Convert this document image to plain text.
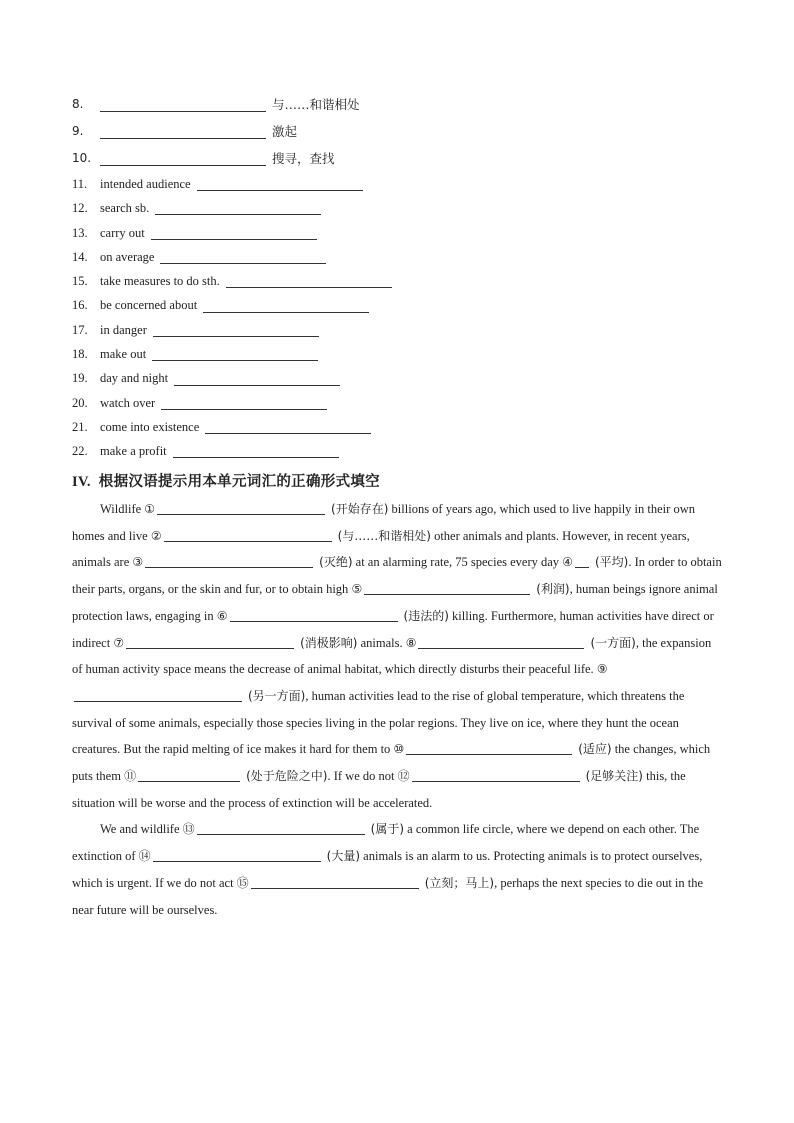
8.	与……和谐相处
9.	激起
10.	搜寻，查找
11.	intended audience
12. search sb.
13. carry out
14. on average
15. take measures to do sth.
16. be concerned about
17. in danger
18. make out
19. day and night
20. watch over
21. come into existence
22. make a profit
IV. 根据汉语提示用本单元词汇的正确形式填空

Wildlife ①	(开始存在) billions of years ago, which used to live happily in their own homes and live ②	(与……和谐相处) other animals and plants. However, in recent years, animals are ③	(灭绝) at an alarming rate, 75 species every day ④ (平均). In order to obtain their parts, organs, or the skin and fur, or to obtain high ⑤	(利润), human beings ignore animal protection laws, engaging in ⑥	(违法的) killing. Furthermore, human activities have direct or indirect ⑦	(消极影响) animals. ⑧	(一方面), the expansion of human activity space means the decrease of animal habitat, which directly disturbs their peaceful life. ⑨(另一方面), human activities lead to the rise of global temperature, which threatens the survival of some animals, especially those species living in the polar regions. They live on ice, where they hunt the ocean creatures. But the rapid melting of ice makes it hard for them to ⑩	(适应) the changes, which puts them ⑪	(处于危险之中). If we do not ⑫	(足够关注) this, the situation will be worse and the process of extinction will be accelerated.

We and wildlife ⑬	(属于) a common life circle, where we depend on each other. The extinction of ⑭	(大量) animals is an alarm to us. Protecting animals is to protect ourselves, which is urgent. If we do not act ⑮	(立刻；马上), perhaps the next species to die out in the near future will be ourselves.
